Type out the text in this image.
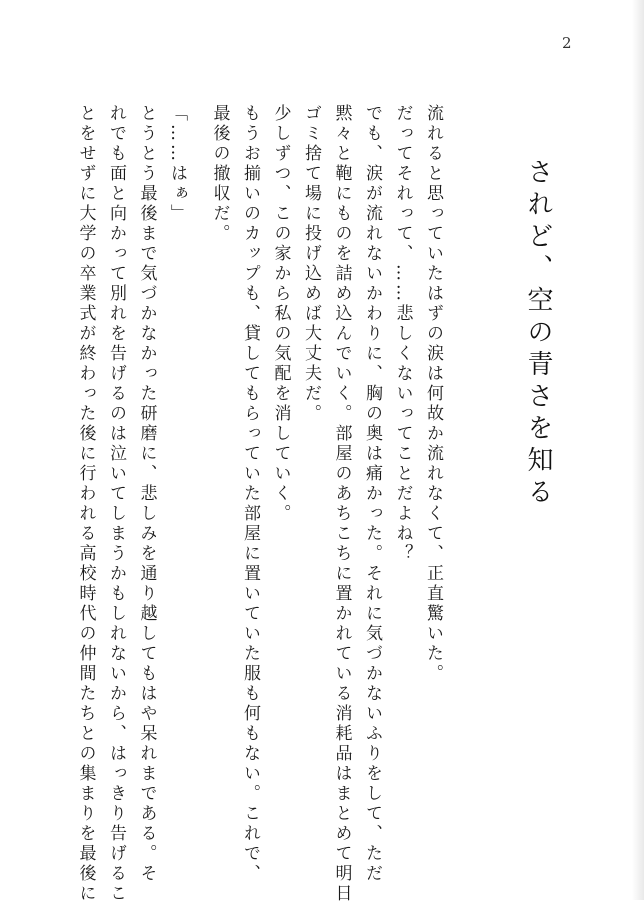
2
されど、空の青さを知る
流れると思っていたはずの涙は何故か流れなくて、正直驚いた。
だってそれって、……悲しくないってことだよね？
でも、涙が流れないかわりに、胸の奥は痛かった。それに気づかないふりをして、ただ
黙々と鞄にものを詰め込んでいく。部屋のあちこちに置かれている消耗品はまとめて明日
ゴミ捨て場に投げ込めば大丈夫だ。
少しずつ、この家から私の気配を消していく。
もうお揃いのカップも、貸してもらっていた部屋に置いていた服も何もない。これで、
最後の撤収だ。
「……はぁ」
とうとう最後まで気づかなかった研磨に、悲しみを通り越してもはや呆れまである。そ
れでも面と向かって別れを告げるのは泣いてしまうかもしれないから、はっきり告げるこ
とをせずに大学の卒業式が終わった後に行われる高校時代の仲間たちとの集まりを最後に
